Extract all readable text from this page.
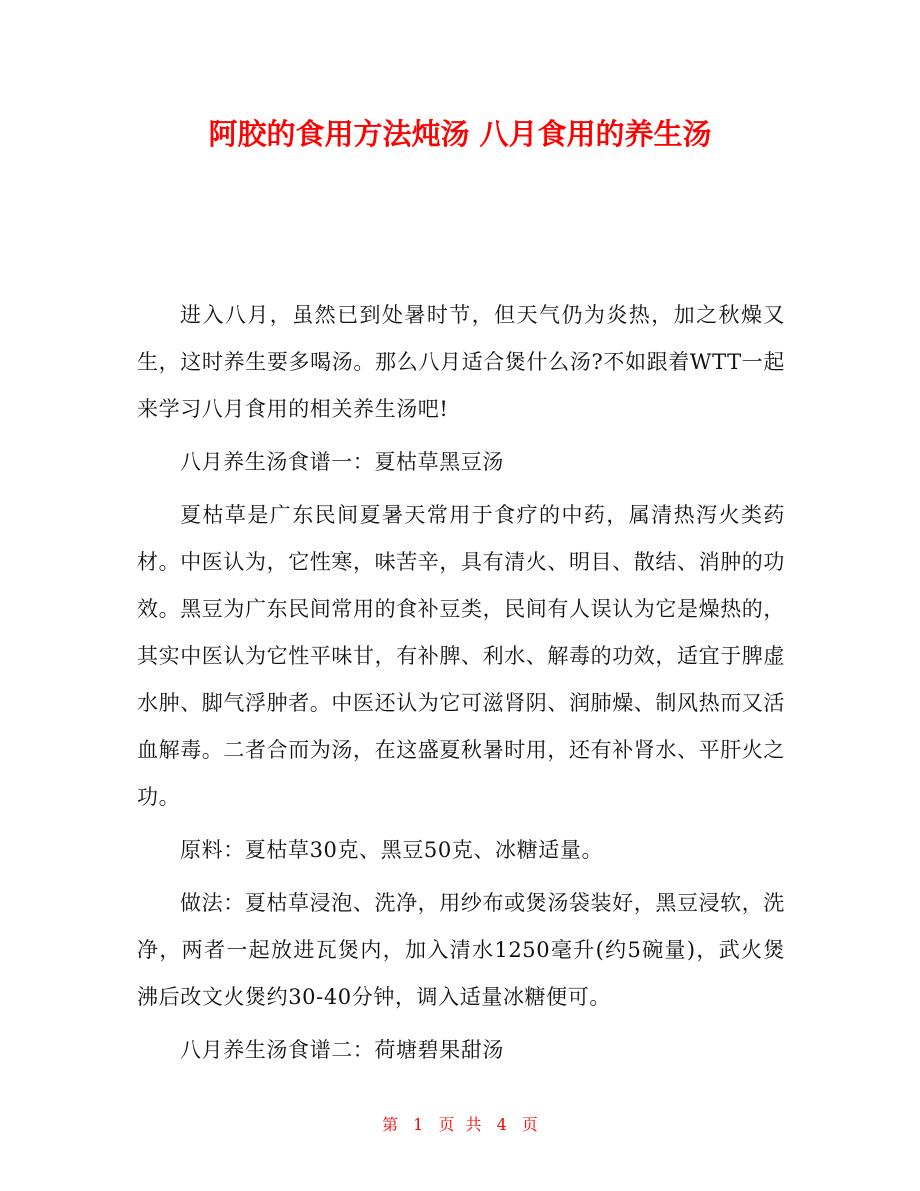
阿胶的食用方法炖汤 八月食用的养生汤

进入八月，虽然已到处暑时节，但天气仍为炎热，加之秋燥又生，这时养生要多喝汤。那么八月适合煲什么汤?不如跟着WTT一起来学习八月食用的相关养生汤吧!

八月养生汤食谱一：夏枯草黑豆汤

夏枯草是广东民间夏暑天常用于食疗的中药，属清热泻火类药材。中医认为，它性寒，味苦辛，具有清火、明目、散结、消肿的功效。黑豆为广东民间常用的食补豆类，民间有人误认为它是燥热的，其实中医认为它性平味甘，有补脾、利水、解毒的功效，适宜于脾虚水肿、脚气浮肿者。中医还认为它可滋肾阴、润肺燥、制风热而又活血解毒。二者合而为汤，在这盛夏秋暑时用，还有补肾水、平肝火之功。

原料：夏枯草30克、黑豆50克、冰糖适量。

做法：夏枯草浸泡、洗净，用纱布或煲汤袋装好，黑豆浸软，洗净，两者一起放进瓦煲内，加入清水1250毫升(约5碗量)，武火煲沸后改文火煲约30-40分钟，调入适量冰糖便可。

八月养生汤食谱二：荷塘碧果甜汤

第 1 页 共 4 页
